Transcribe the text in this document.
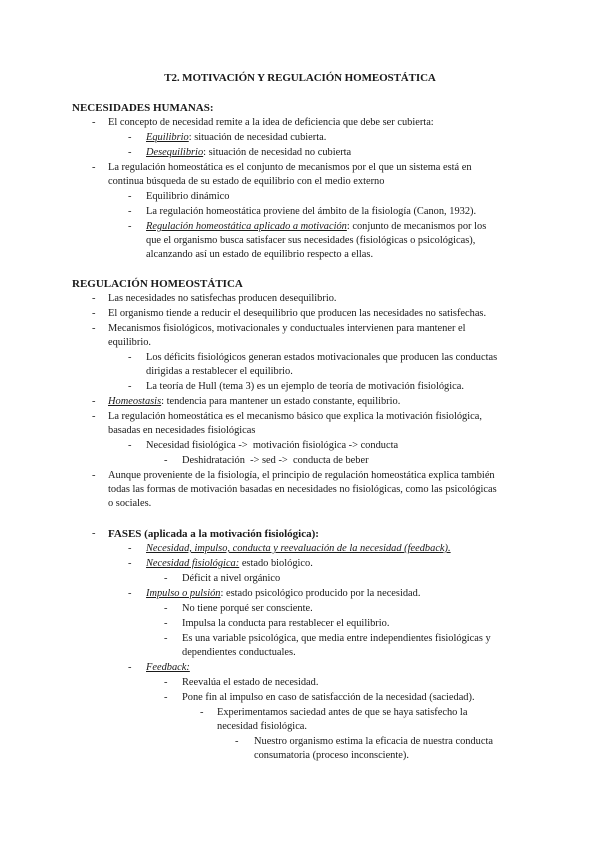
T2. MOTIVACIÓN Y REGULACIÓN HOMEOSTÁTICA
NECESIDADES HUMANAS:
- El concepto de necesidad remite a la idea de deficiencia que debe ser cubierta:
- Equilibrio: situación de necesidad cubierta.
- Desequilibrio: situación de necesidad no cubierta
- La regulación homeostática es el conjunto de mecanismos por el que un sistema está en
continua búsqueda de su estado de equilibrio con el medio externo
- Equilibrio dinámico
- La regulación homeostática proviene del ámbito de la fisiología (Canon, 1932).
- Regulación homeostática aplicado a motivación: conjunto de mecanismos por los
que el organismo busca satisfacer sus necesidades (fisiológicas o psicológicas),
alcanzando así un estado de equilibrio respecto a ellas.
REGULACIÓN HOMEOSTÁTICA
- Las necesidades no satisfechas producen desequilibrio.
- El organismo tiende a reducir el desequilibrio que producen las necesidades no satisfechas.
- Mecanismos fisiológicos, motivacionales y conductuales intervienen para mantener el
equilibrio.
- Los déficits fisiológicos generan estados motivacionales que producen las conductas
dirigidas a restablecer el equilibrio.
- La teoría de Hull (tema 3) es un ejemplo de teoría de motivación fisiológica.
- Homeostasis: tendencia para mantener un estado constante, equilibrio.
- La regulación homeostática es el mecanismo básico que explica la motivación fisiológica,
basadas en necesidades fisiológicas
- Necesidad fisiológica ->  motivación fisiológica -> conducta
- Deshidratación  -> sed ->  conducta de beber
- Aunque proveniente de la fisiología, el principio de regulación homeostática explica también
todas las formas de motivación basadas en necesidades no fisiológicas, como las psicológicas
o sociales.
- FASES (aplicada a la motivación fisiológica):
- Necesidad, impulso, conducta y reevaluación de la necesidad (feedback).
- Necesidad fisiológica: estado biológico.
- Déficit a nivel orgánico
- Impulso o pulsión: estado psicológico producido por la necesidad.
- No tiene porqué ser consciente.
- Impulsa la conducta para restablecer el equilibrio.
- Es una variable psicológica, que media entre independientes fisiológicas y
dependientes conductuales.
- Feedback:
- Reevalúa el estado de necesidad.
- Pone fin al impulso en caso de satisfacción de la necesidad (saciedad).
- Experimentamos saciedad antes de que se haya satisfecho la
necesidad fisiológica.
- Nuestro organismo estima la eficacia de nuestra conducta
consumatoria (proceso inconsciente).
